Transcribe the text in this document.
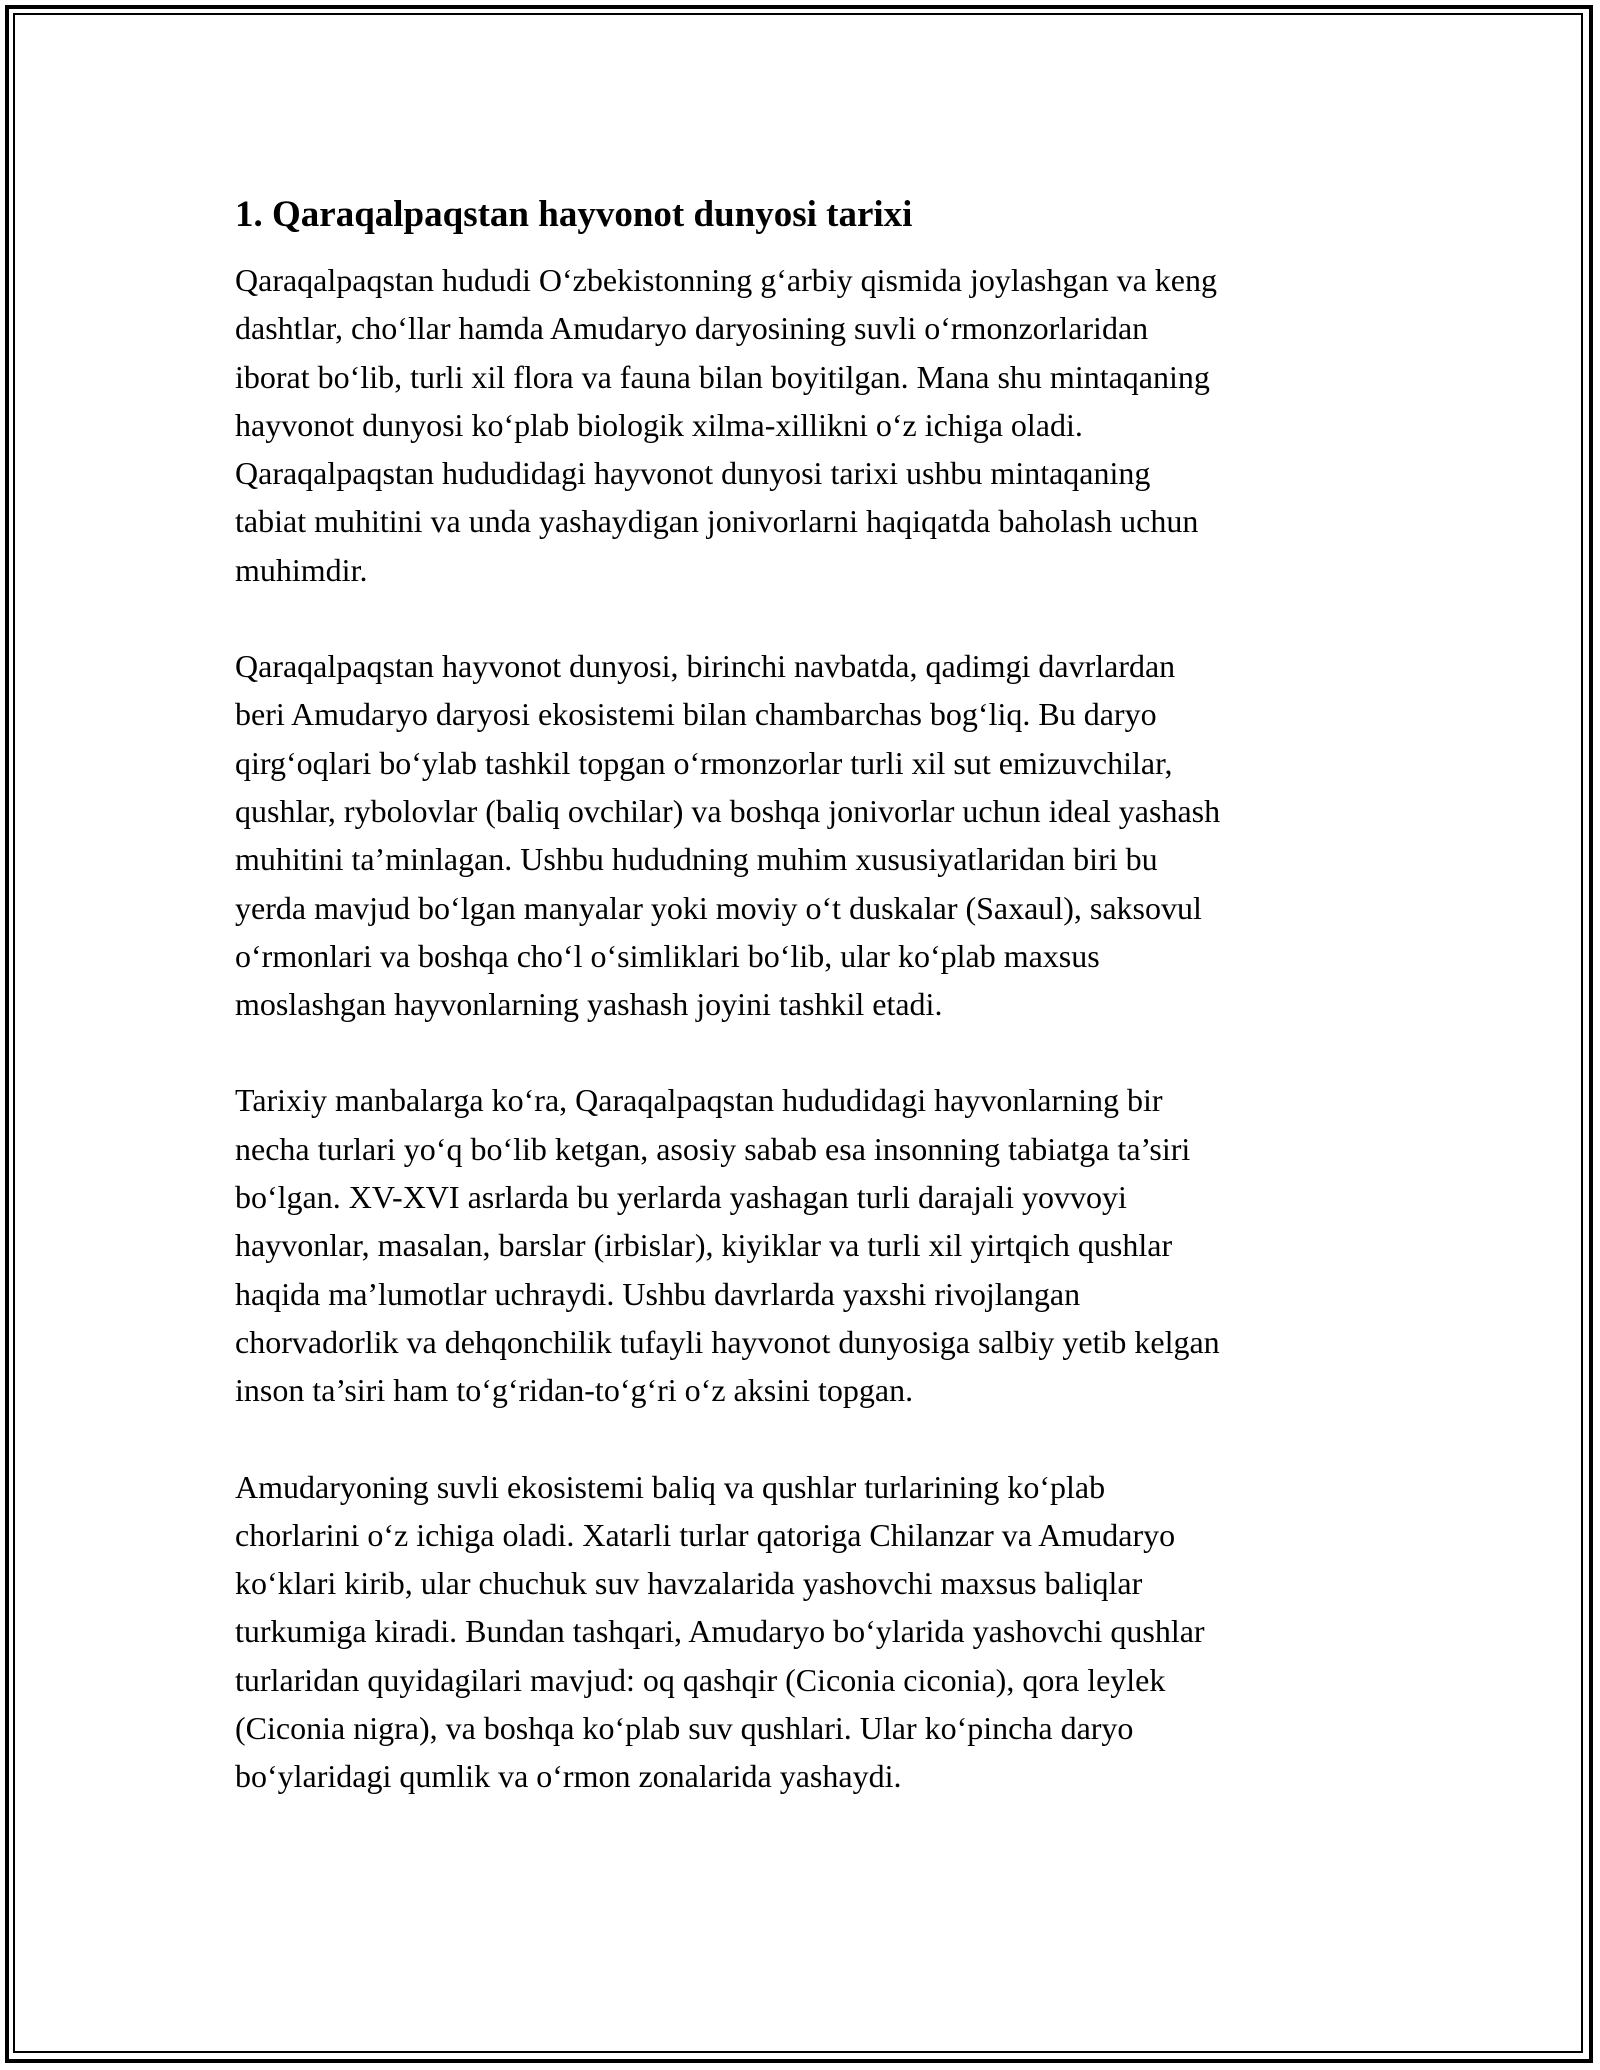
1. Qaraqalpaqstan hayvonot dunyosi tarixi

Qaraqalpaqstan hududi O‘zbekistonning g‘arbiy qismida joylashgan va keng
dashtlar, cho‘llar hamda Amudaryo daryosining suvli o‘rmonzorlaridan
iborat bo‘lib, turli xil flora va fauna bilan boyitilgan. Mana shu mintaqaning
hayvonot dunyosi ko‘plab biologik xilma-xillikni o‘z ichiga oladi.
Qaraqalpaqstan hududidagi hayvonot dunyosi tarixi ushbu mintaqaning
tabiat muhitini va unda yashaydigan jonivorlarni haqiqatda baholash uchun
muhimdir.

Qaraqalpaqstan hayvonot dunyosi, birinchi navbatda, qadimgi davrlardan
beri Amudaryo daryosi ekosistemi bilan chambarchas bog‘liq. Bu daryo
qirg‘oqlari bo‘ylab tashkil topgan o‘rmonzorlar turli xil sut emizuvchilar,
qushlar, rybolovlar (baliq ovchilar) va boshqa jonivorlar uchun ideal yashash
muhitini ta’minlagan. Ushbu hududning muhim xususiyatlaridan biri bu
yerda mavjud bo‘lgan manyalar yoki moviy o‘t duskalar (Saxaul), saksovul
o‘rmonlari va boshqa cho‘l o‘simliklari bo‘lib, ular ko‘plab maxsus
moslashgan hayvonlarning yashash joyini tashkil etadi.

Tarixiy manbalarga ko‘ra, Qaraqalpaqstan hududidagi hayvonlarning bir
necha turlari yo‘q bo‘lib ketgan, asosiy sabab esa insonning tabiatga ta’siri
bo‘lgan. XV-XVI asrlarda bu yerlarda yashagan turli darajali yovvoyi
hayvonlar, masalan, barslar (irbislar), kiyiklar va turli xil yirtqich qushlar
haqida ma’lumotlar uchraydi. Ushbu davrlarda yaxshi rivojlangan
chorvadorlik va dehqonchilik tufayli hayvonot dunyosiga salbiy yetib kelgan
inson ta’siri ham to‘g‘ridan-to‘g‘ri o‘z aksini topgan.

Amudaryoning suvli ekosistemi baliq va qushlar turlarining ko‘plab
chorlarini o‘z ichiga oladi. Xatarli turlar qatoriga Chilanzar va Amudaryo
ko‘klari kirib, ular chuchuk suv havzalarida yashovchi maxsus baliqlar
turkumiga kiradi. Bundan tashqari, Amudaryo bo‘ylarida yashovchi qushlar
turlaridan quyidagilari mavjud: oq qashqir (Ciconia ciconia), qora leylek
(Ciconia nigra), va boshqa ko‘plab suv qushlari. Ular ko‘pincha daryo
bo‘ylaridagi qumlik va o‘rmon zonalarida yashaydi.
